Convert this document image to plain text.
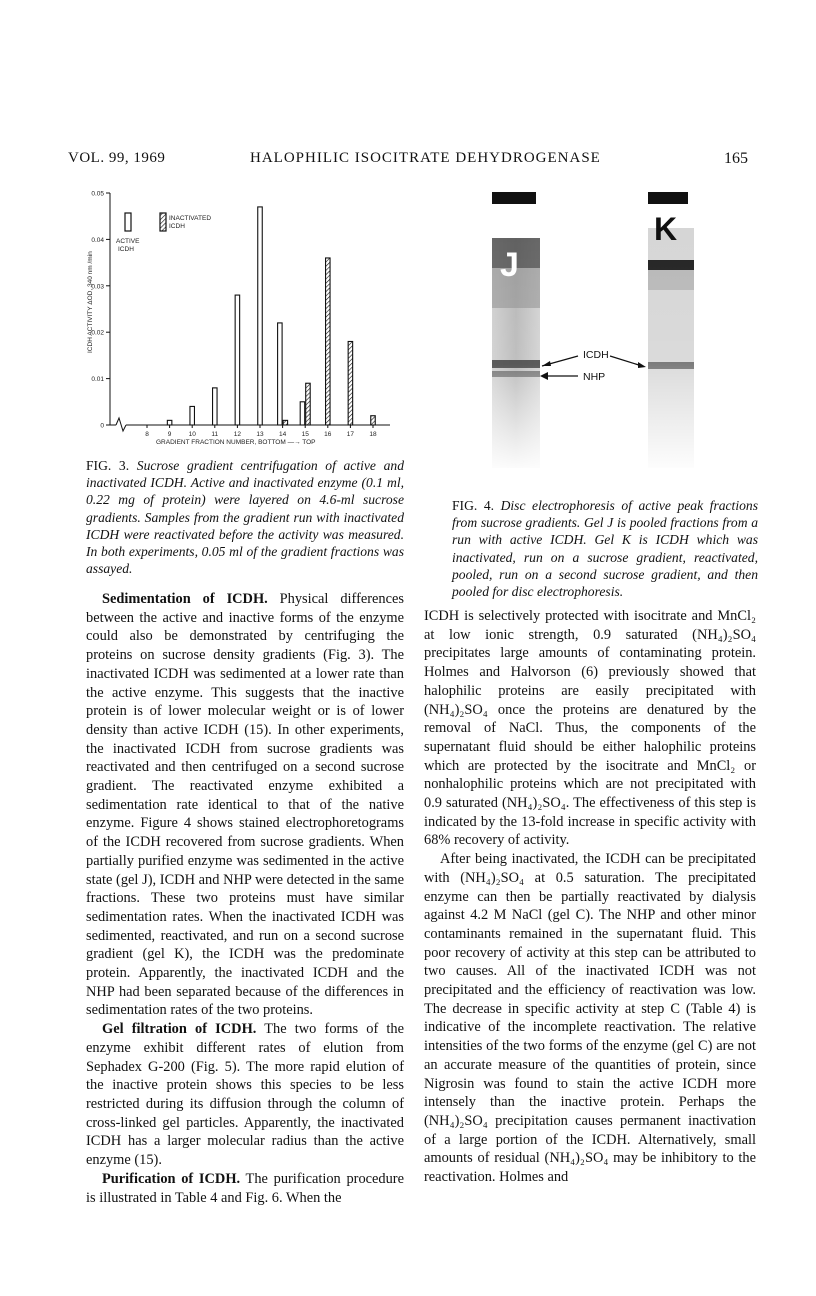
VOL. 99, 1969	HALOPHILIC ISOCITRATE DEHYDROGENASE	165
0
0.01
0.02
0.03
0.04
0.05
8	9	10 11 12 13 14 15 16 17 18
ACTIVE
ICDH
INACTIVATED
ICDH
ICDH ACTIVITY ΔOD, 340 nm /min
GRADIENT FRACTION NUMBER, BOTTOM —→ TOP
J
K
ICDH
NHP
FIG. 3. Sucrose gradient centrifugation of active and inactivated ICDH. Active and inactivated enzyme (0.1 ml, 0.22 mg of protein) were layered on 4.6-ml sucrose gradients. Samples from the gradient run with inactivated ICDH were reactivated before the activity was measured. In both experiments, 0.05 ml of the gradient fractions was assayed.
FIG. 4. Disc electrophoresis of active peak fractions from sucrose gradients. Gel J is pooled fractions from a run with active ICDH. Gel K is ICDH which was inactivated, run on a sucrose gradient, reactivated, pooled, run on a second sucrose gradient, and then pooled for disc electrophoresis.

Sedimentation of ICDH. Physical differences between the active and inactive forms of the enzyme could also be demonstrated by centrifuging the proteins on sucrose density gradients (Fig. 3). The inactivated ICDH was sedimented at a lower rate than the active enzyme. This suggests that the inactive protein is of lower molecular weight or is of lower density than active ICDH (15). In other experiments, the inactivated ICDH from sucrose gradients was reactivated and then centrifuged on a second sucrose gradient. The reactivated enzyme exhibited a sedimentation rate identical to that of the native enzyme. Figure 4 shows stained electrophoretograms of the ICDH recovered from sucrose gradients. When partially purified enzyme was sedimented in the active state (gel J), ICDH and NHP were detected in the same fractions. These two proteins must have similar sedimentation rates. When the inactivated ICDH was sedimented, reactivated, and run on a second sucrose gradient (gel K), the ICDH was the predominate protein. Apparently, the inactivated ICDH and the NHP had been separated because of the differences in sedimentation rates of the two proteins.

Gel filtration of ICDH. The two forms of the enzyme exhibit different rates of elution from Sephadex G-200 (Fig. 5). The more rapid elution of the inactive protein shows this species to be less restricted during its diffusion through the column of cross-linked gel particles. Apparently, the inactivated ICDH has a larger molecular radius than the active enzyme (15).

Purification of ICDH. The purification procedure is illustrated in Table 4 and Fig. 6. When the

ICDH is selectively protected with isocitrate and MnCl₂ at low ionic strength, 0.9 saturated (NH₄)₂SO₄ precipitates large amounts of contaminating protein. Holmes and Halvorson (6) previously showed that halophilic proteins are easily precipitated with (NH₄)₂SO₄ once the proteins are denatured by the removal of NaCl. Thus, the components of the supernatant fluid should be either halophilic proteins which are protected by the isocitrate and MnCl₂ or nonhalophilic proteins which are not precipitated with 0.9 saturated (NH₄)₂SO₄. The effectiveness of this step is indicated by the 13-fold increase in specific activity with 68% recovery of activity.

After being inactivated, the ICDH can be precipitated with (NH₄)₂SO₄ at 0.5 saturation. The precipitated enzyme can then be partially reactivated by dialysis against 4.2 M NaCl (gel C). The NHP and other minor contaminants remained in the supernatant fluid. This poor recovery of activity at this step can be attributed to two causes. All of the inactivated ICDH was not precipitated and the efficiency of reactivation was low. The decrease in specific activity at step C (Table 4) is indicative of the incomplete reactivation. The relative intensities of the two forms of the enzyme (gel C) are not an accurate measure of the quantities of protein, since Nigrosin was found to stain the active ICDH more intensely than the inactive protein. Perhaps the (NH₄)₂SO₄ precipitation causes permanent inactivation of a large portion of the ICDH. Alternatively, small amounts of residual (NH₄)₂SO₄ may be inhibitory to the reactivation. Holmes and
